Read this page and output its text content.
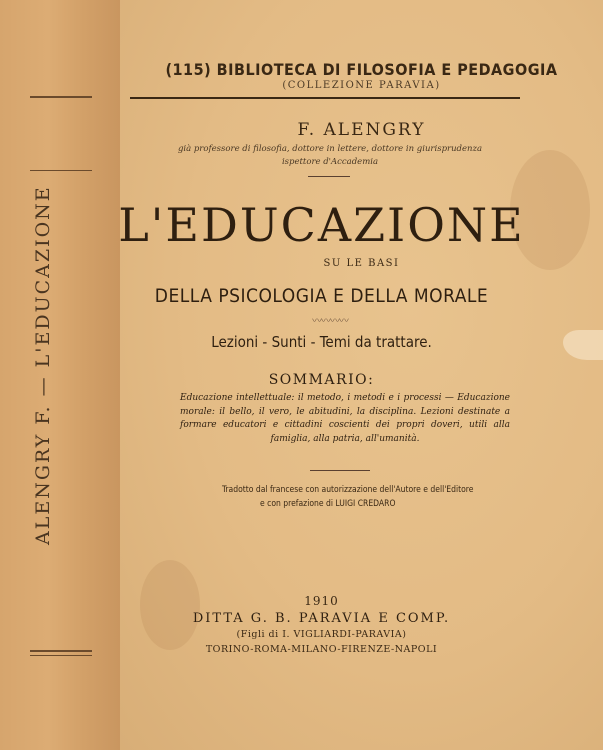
ALENGRY F. — L'EDUCAZIONE
(115) BIBLIOTECA DI FILOSOFIA E PEDAGOGIA
(COLLEZIONE PARAVIA)
F. ALENGRY
già professore di filosofia, dottore in lettere, dottore in giurisprudenza
ispettore d'Accademia
L'EDUCAZIONE
SU LE BASI
DELLA PSICOLOGIA E DELLA MORALE
〰〰〰〰
Lezioni - Sunti - Temi da trattare.
SOMMARIO:
Educazione intellettuale: il metodo, i metodi e i processi — Educazione morale: il bello, il vero, le abitudini, la disciplina. Lezioni destinate a formare educatori e cittadini coscienti dei propri doveri, utili alla famiglia, alla patria, all'umanità.
Tradotto dal francese con autorizzazione dell'Autore e dell'Editore
e con prefazione di LUIGI CREDARO
1910
DITTA G. B. PARAVIA E COMP.
(Figli di I. VIGLIARDI-PARAVIA)
TORINO-ROMA-MILANO-FIRENZE-NAPOLI
